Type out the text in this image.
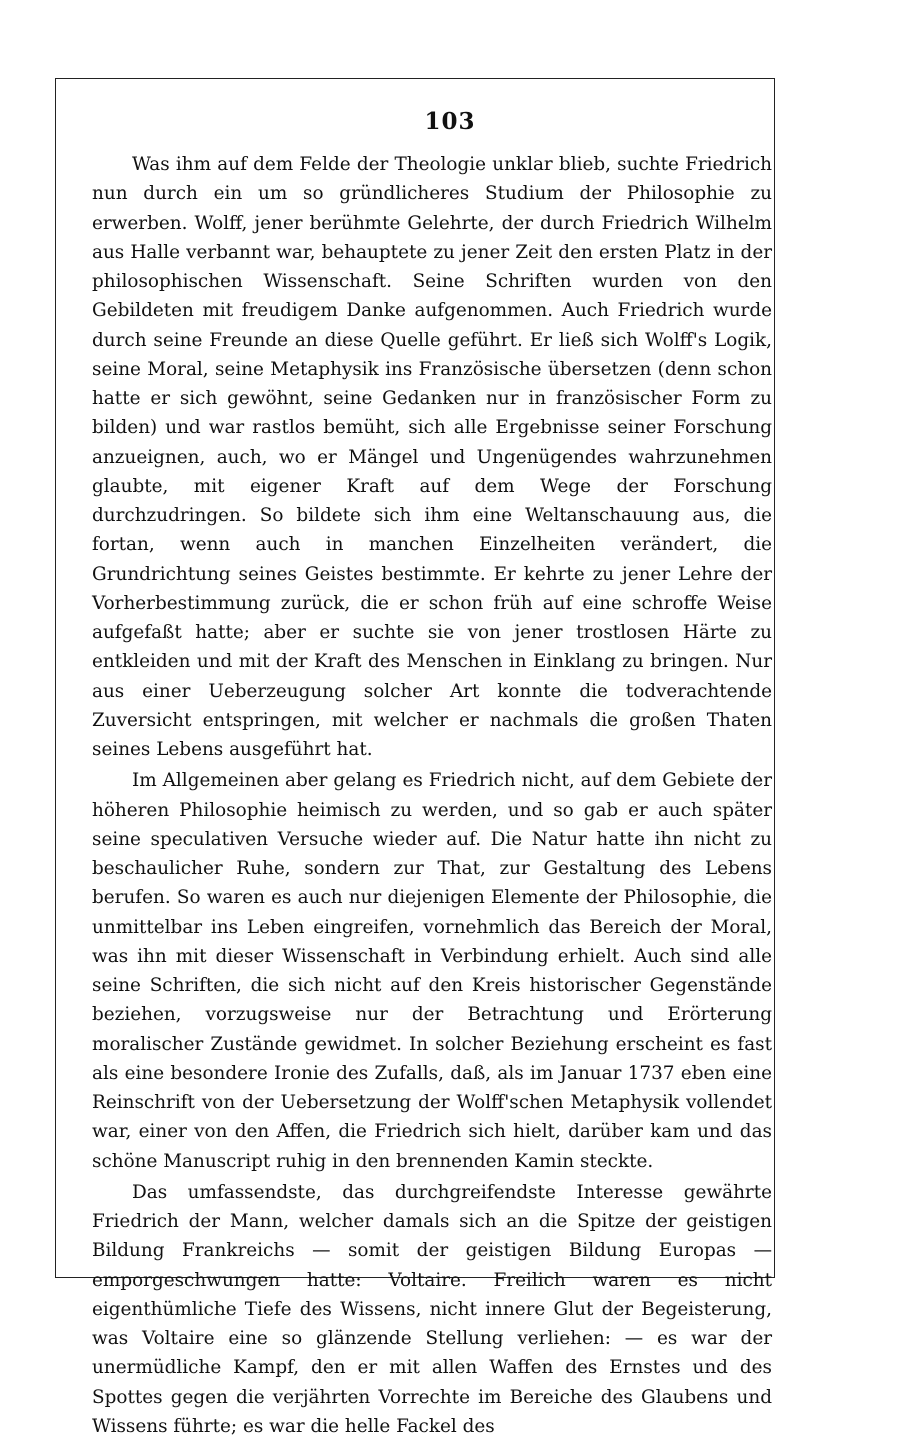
103

Was ihm auf dem Felde der Theologie unklar blieb, suchte Friedrich nun durch ein um so gründlicheres Studium der Philosophie zu erwerben. Wolff, jener berühmte Gelehrte, der durch Friedrich Wilhelm aus Halle verbannt war, behauptete zu jener Zeit den ersten Platz in der philosophischen Wissenschaft. Seine Schriften wurden von den Gebildeten mit freudigem Danke aufgenommen. Auch Friedrich wurde durch seine Freunde an diese Quelle geführt. Er ließ sich Wolff's Logik, seine Moral, seine Metaphysik ins Französische übersetzen (denn schon hatte er sich gewöhnt, seine Gedanken nur in französischer Form zu bilden) und war rastlos bemüht, sich alle Ergebnisse seiner Forschung anzueignen, auch, wo er Mängel und Ungenügendes wahrzunehmen glaubte, mit eigener Kraft auf dem Wege der Forschung durchzudringen. So bildete sich ihm eine Weltanschauung aus, die fortan, wenn auch in manchen Einzelheiten verändert, die Grundrichtung seines Geistes bestimmte. Er kehrte zu jener Lehre der Vorherbestimmung zurück, die er schon früh auf eine schroffe Weise aufgefaßt hatte; aber er suchte sie von jener trostlosen Härte zu entkleiden und mit der Kraft des Menschen in Einklang zu bringen. Nur aus einer Ueberzeugung solcher Art konnte die todverachtende Zuversicht entspringen, mit welcher er nachmals die großen Thaten seines Lebens ausgeführt hat.

Im Allgemeinen aber gelang es Friedrich nicht, auf dem Gebiete der höheren Philosophie heimisch zu werden, und so gab er auch später seine speculativen Versuche wieder auf. Die Natur hatte ihn nicht zu beschaulicher Ruhe, sondern zur That, zur Gestaltung des Lebens berufen. So waren es auch nur diejenigen Elemente der Philosophie, die unmittelbar ins Leben eingreifen, vornehmlich das Bereich der Moral, was ihn mit dieser Wissenschaft in Verbindung erhielt. Auch sind alle seine Schriften, die sich nicht auf den Kreis historischer Gegenstände beziehen, vorzugsweise nur der Betrachtung und Erörterung moralischer Zustände gewidmet. In solcher Beziehung erscheint es fast als eine besondere Ironie des Zufalls, daß, als im Januar 1737 eben eine Reinschrift von der Uebersetzung der Wolff'schen Metaphysik vollendet war, einer von den Affen, die Friedrich sich hielt, darüber kam und das schöne Manuscript ruhig in den brennenden Kamin steckte.

Das umfassendste, das durchgreifendste Interesse gewährte Friedrich der Mann, welcher damals sich an die Spitze der geistigen Bildung Frankreichs — somit der geistigen Bildung Europas — emporgeschwungen hatte: Voltaire. Freilich waren es nicht eigenthümliche Tiefe des Wissens, nicht innere Glut der Begeisterung, was Voltaire eine so glänzende Stellung verliehen: — es war der unermüdliche Kampf, den er mit allen Waffen des Ernstes und des Spottes gegen die verjährten Vorrechte im Bereiche des Glaubens und Wissens führte; es war die helle Fackel des
